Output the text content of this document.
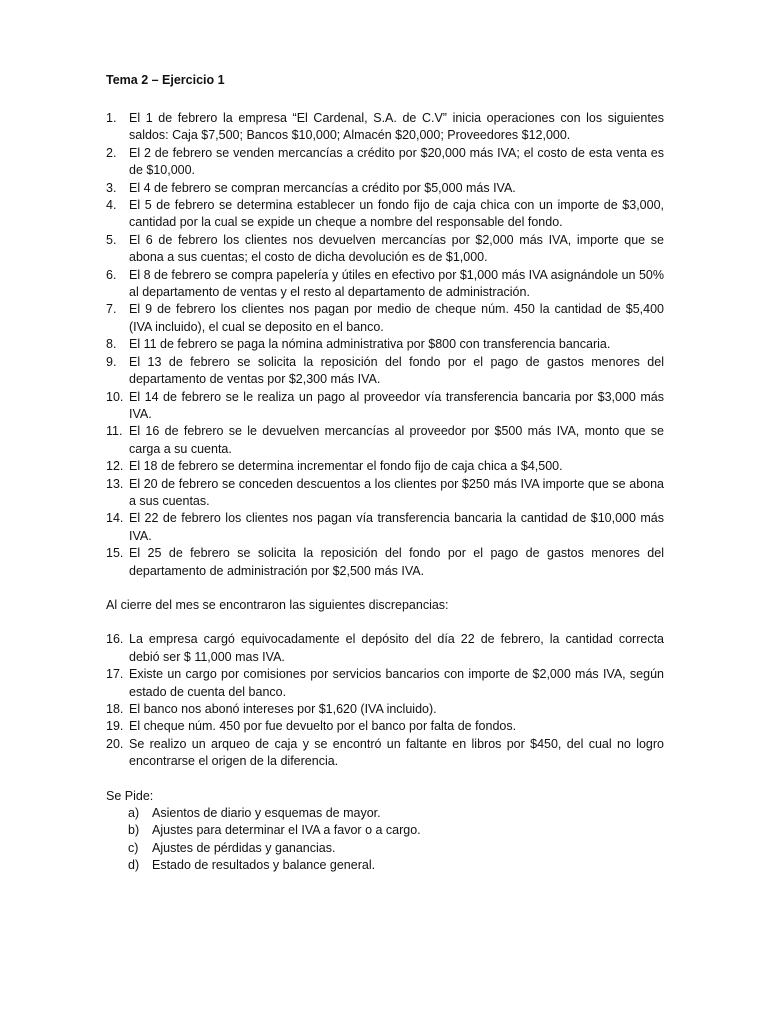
Tema 2 – Ejercicio 1
1. El 1 de febrero la empresa “El Cardenal, S.A. de C.V” inicia operaciones con los siguientes saldos: Caja $7,500; Bancos $10,000; Almacén $20,000; Proveedores $12,000.
2. El 2 de febrero se venden mercancías a crédito por $20,000 más IVA; el costo de esta venta es de $10,000.
3. El 4 de febrero se compran mercancías a crédito por $5,000 más IVA.
4. El 5 de febrero se determina establecer un fondo fijo de caja chica con un importe de $3,000, cantidad por la cual se expide un cheque a nombre del responsable del fondo.
5. El 6 de febrero los clientes nos devuelven mercancías por $2,000 más IVA, importe que se abona a sus cuentas; el costo de dicha devolución es de $1,000.
6. El 8 de febrero se compra papelería y útiles en efectivo por $1,000 más IVA asignándole un 50% al departamento de ventas y el resto al departamento de administración.
7. El 9 de febrero los clientes nos pagan por medio de cheque núm. 450 la cantidad de $5,400 (IVA incluido), el cual se deposito en el banco.
8. El 11 de febrero se paga la nómina administrativa por $800 con transferencia bancaria.
9. El 13 de febrero se solicita la reposición del fondo por el pago de gastos menores del departamento de ventas por $2,300 más IVA.
10. El 14 de febrero se le realiza un pago al proveedor vía transferencia bancaria por $3,000 más IVA.
11. El 16 de febrero se le devuelven mercancías al proveedor por $500 más IVA, monto que se carga a su cuenta.
12. El 18 de febrero se determina incrementar el fondo fijo de caja chica a $4,500.
13. El 20 de febrero se conceden descuentos a los clientes por $250 más IVA importe que se abona a sus cuentas.
14. El 22 de febrero los clientes nos pagan vía transferencia bancaria la cantidad de $10,000 más IVA.
15. El 25 de febrero se solicita la reposición del fondo por el pago de gastos menores del departamento de administración por $2,500 más IVA.
Al cierre del mes se encontraron las siguientes discrepancias:
16. La empresa cargó equivocadamente el depósito del día 22 de febrero, la cantidad correcta debió ser $ 11,000 mas IVA.
17. Existe un cargo por comisiones por servicios bancarios con importe de $2,000 más IVA, según estado de cuenta del banco.
18. El banco nos abonó intereses por $1,620 (IVA incluido).
19. El cheque núm. 450 por fue devuelto por el banco por falta de fondos.
20. Se realizo un arqueo de caja y se encontró un faltante en libros por $450, del cual no logro encontrarse el origen de la diferencia.
Se Pide:
a) Asientos de diario y esquemas de mayor.
b) Ajustes para determinar el IVA a favor o a cargo.
c) Ajustes de pérdidas y ganancias.
d) Estado de resultados y balance general.
